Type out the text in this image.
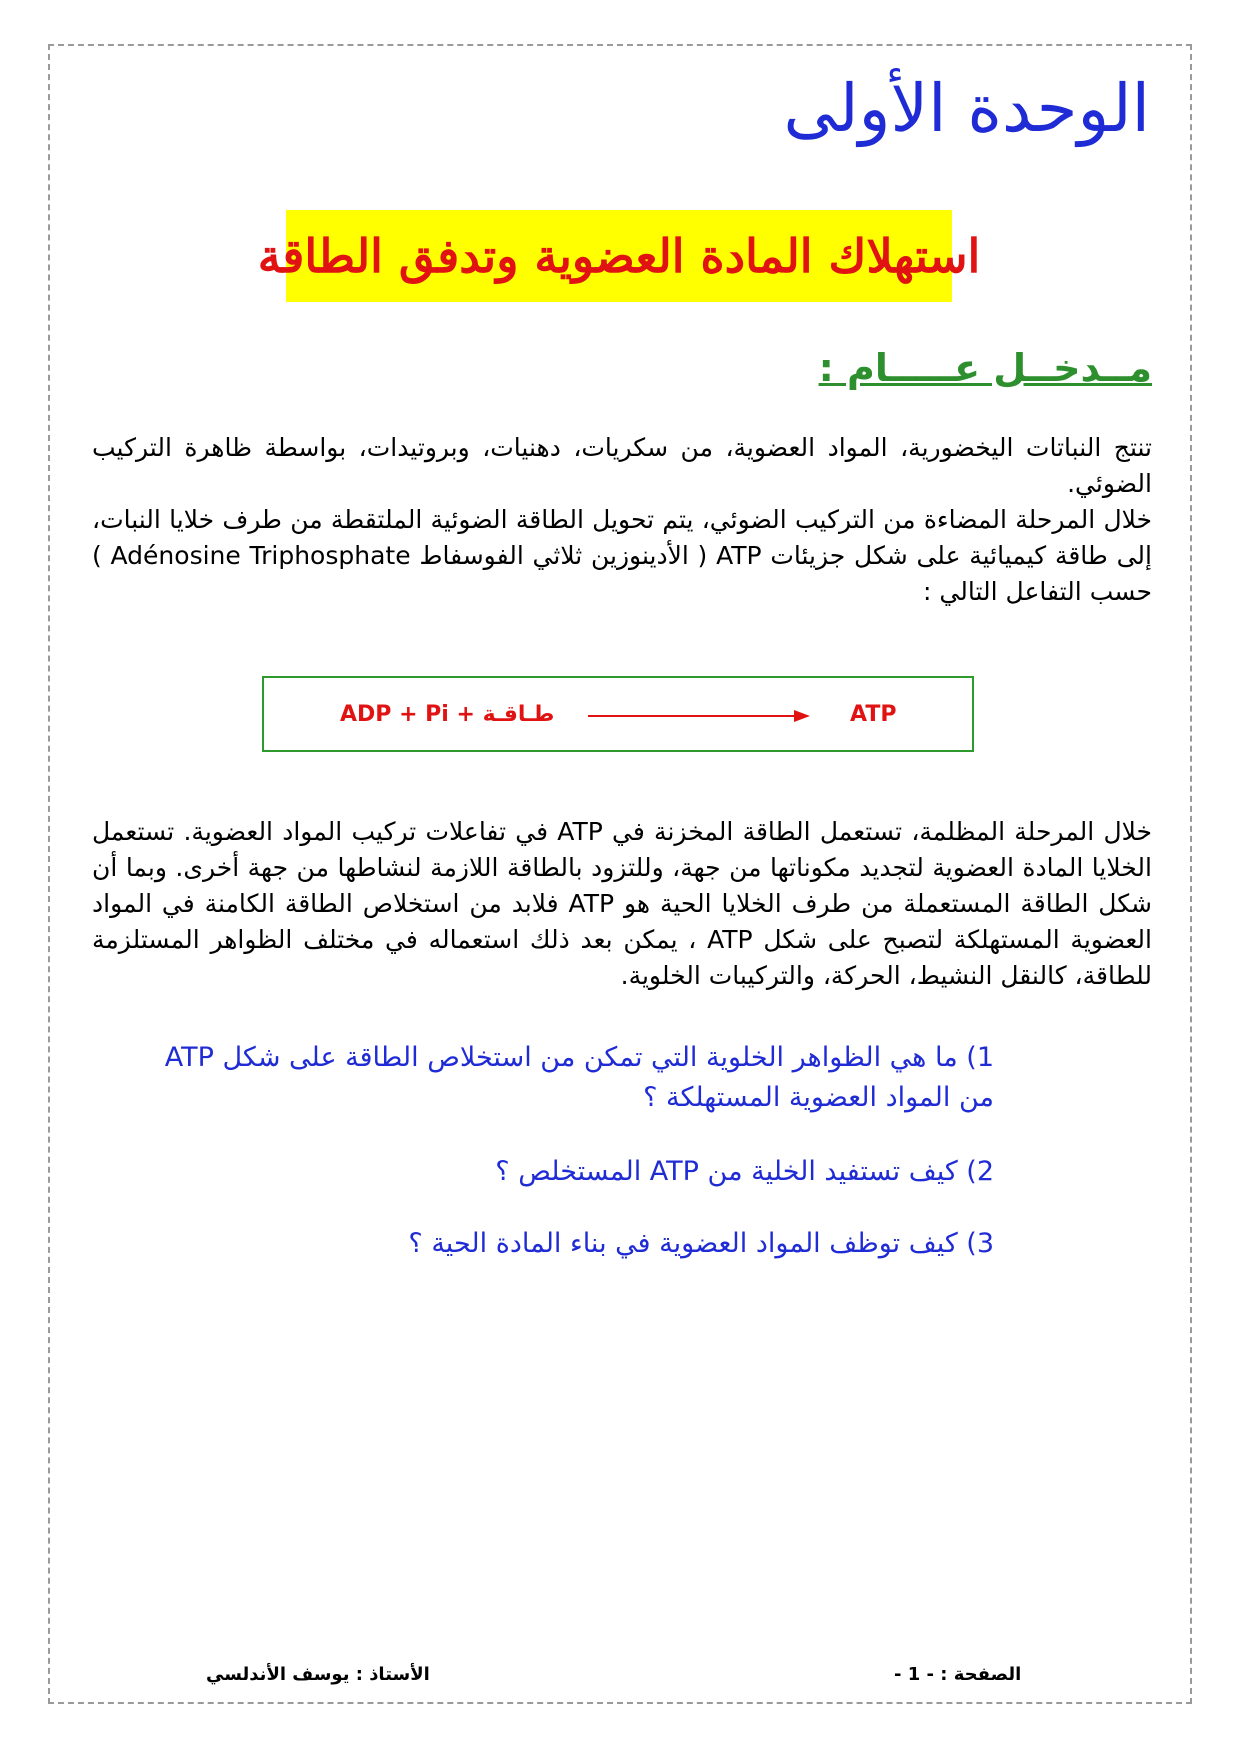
الوحدة الأولى
استهلاك المادة العضوية وتدفق الطاقة
مــدخــل عـــــام :
تنتج النباتات اليخضورية، المواد العضوية، من سكريات، دهنيات، وبروتيدات، بواسطة ظاهرة التركيب الضوئي.
خلال المرحلة المضاءة من التركيب الضوئي، يتم تحويل الطاقة الضوئية الملتقطة من طرف خلايا النبات، إلى طاقة كيميائية على شكل جزيئات ATP ( الأدينوزين ثلاثي الفوسفاط Adénosine Triphosphate ) حسب التفاعل التالي :
ADP + Pi + طـاقـة	ATP
خلال المرحلة المظلمة، تستعمل الطاقة المخزنة في ATP في تفاعلات تركيب المواد العضوية. تستعمل الخلايا المادة العضوية لتجديد مكوناتها من جهة، وللتزود بالطاقة اللازمة لنشاطها من جهة أخرى. وبما أن شكل الطاقة المستعملة من طرف الخلايا الحية هو ATP فلابد من استخلاص الطاقة الكامنة في المواد العضوية المستهلكة لتصبح على شكل ATP ، يمكن بعد ذلك استعماله في مختلف الظواهر المستلزمة للطاقة، كالنقل النشيط، الحركة، والتركيبات الخلوية.
1) ما هي الظواهر الخلوية التي تمكن من استخلاص الطاقة على شكل ATP من المواد العضوية المستهلكة ؟
2) كيف تستفيد الخلية من ATP المستخلص ؟
3) كيف توظف المواد العضوية في بناء المادة الحية ؟
الأستاذ : يوسف الأندلسي	الصفحة : - 1 -
